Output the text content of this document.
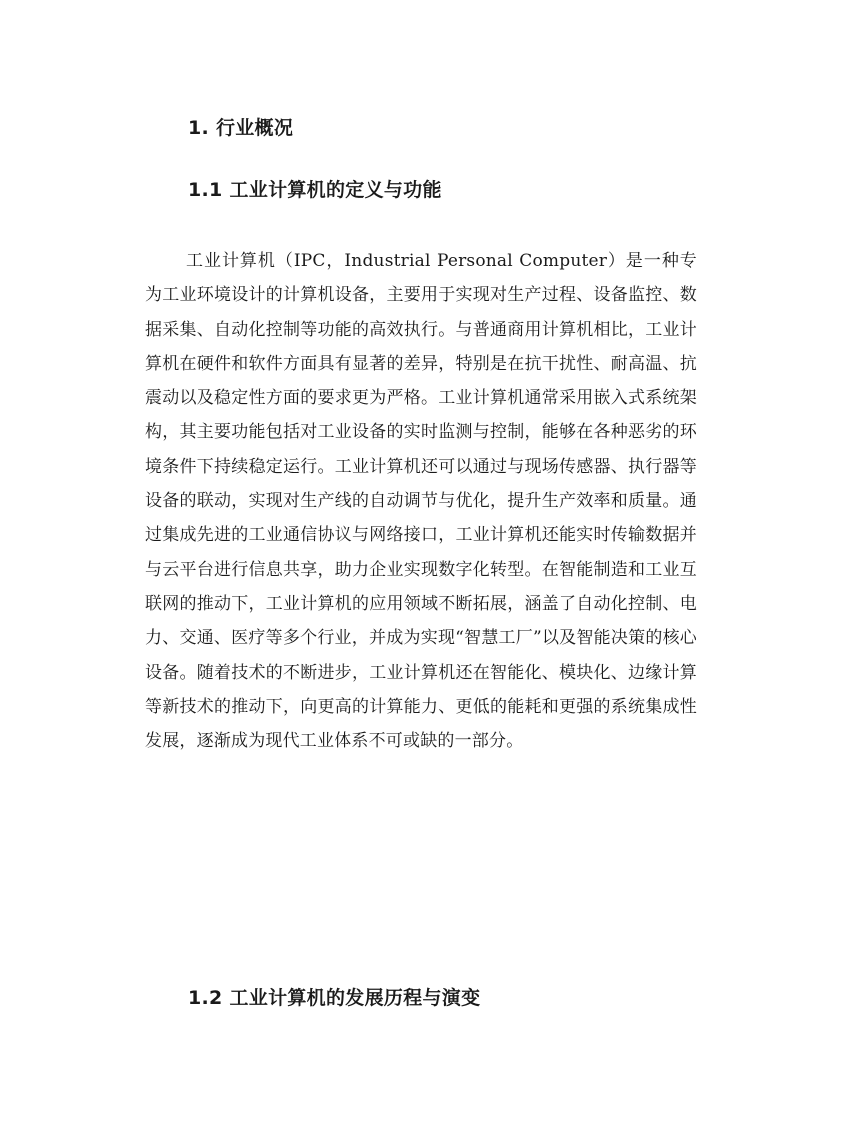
1. 行业概况
1.1 工业计算机的定义与功能

工业计算机（IPC，Industrial Personal Computer）是一种专为工业环境设计的计算机设备，主要用于实现对生产过程、设备监控、数据采集、自动化控制等功能的高效执行。与普通商用计算机相比，工业计算机在硬件和软件方面具有显著的差异，特别是在抗干扰性、耐高温、抗震动以及稳定性方面的要求更为严格。工业计算机通常采用嵌入式系统架构，其主要功能包括对工业设备的实时监测与控制，能够在各种恶劣的环境条件下持续稳定运行。工业计算机还可以通过与现场传感器、执行器等设备的联动，实现对生产线的自动调节与优化，提升生产效率和质量。通过集成先进的工业通信协议与网络接口，工业计算机还能实时传输数据并与云平台进行信息共享，助力企业实现数字化转型。在智能制造和工业互联网的推动下，工业计算机的应用领域不断拓展，涵盖了自动化控制、电力、交通、医疗等多个行业，并成为实现“智慧工厂”以及智能决策的核心设备。随着技术的不断进步，工业计算机还在智能化、模块化、边缘计算等新技术的推动下，向更高的计算能力、更低的能耗和更强的系统集成性发展，逐渐成为现代工业体系不可或缺的一部分。

1.2 工业计算机的发展历程与演变
